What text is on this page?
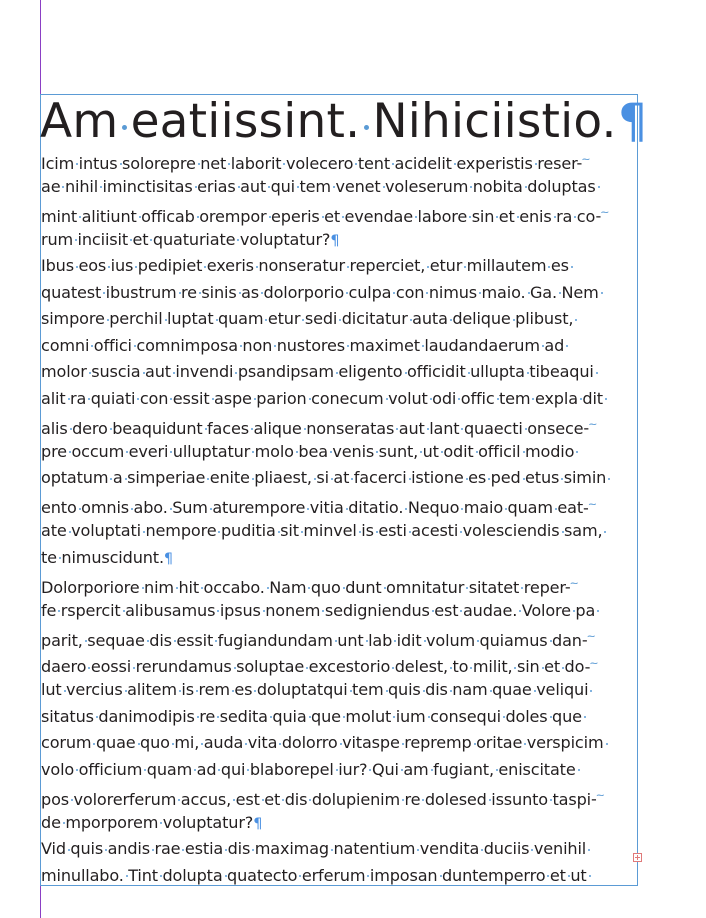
Am eatiissint. Nihiciistio.¶
Icim intus solorepre net laborit volecero tent acidelit experistis reser-~
ae nihil iminctisitas erias aut qui tem venet voleserum nobita doluptas
mint alitiunt officab orempor eperis et evendae labore sin et enis ra co-~
rum inciisit et quaturiate voluptatur?¶
Ibus eos ius pedipiet exeris nonseratur reperciet, etur millautem es
quatest ibustrum re sinis as dolorporio culpa con nimus maio. Ga. Nem
simpore perchil luptat quam etur sedi dicitatur auta delique plibust,
comni offici comnimposa non nustores maximet laudandaerum ad
molor suscia aut invendi psandipsam eligento officidit ullupta tibeaqui
alit ra quiati con essit aspe parion conecum volut odi offic tem expla dit
alis dero beaquidunt faces alique nonseratas aut lant quaecti onsece-~
pre occum everi ulluptatur molo bea venis sunt, ut odit officil modio
optatum a simperiae enite pliaest, si at facerci istione es ped etus simin
ento omnis abo. Sum aturempore vitia ditatio. Nequo maio quam eat-~
ate voluptati nempore puditia sit minvel is esti acesti volesciendis sam,
te nimuscidunt.¶
Dolorporiore nim hit occabo. Nam quo dunt omnitatur sitatet reper-~
fe rspercit alibusamus ipsus nonem sedigniendus est audae. Volore pa
parit, sequae dis essit fugiandundam unt lab idit volum quiamus dan-~
daero eossi rerundamus soluptae excestorio delest, to milit, sin et do-~
lut vercius alitem is rem es doluptatqui tem quis dis nam quae veliqui
sitatus danimodipis re sedita quia que molut ium consequi doles que
corum quae quo mi, auda vita dolorro vitaspe repremp oritae verspicim
volo officium quam ad qui blaborepel iur? Qui am fugiant, eniscitate
pos volorerferum accus, est et dis dolupienim re dolesed issunto taspi-~
de mporporem voluptatur?¶
Vid quis andis rae estia dis maximag natentium vendita duciis venihil
minullabo. Tint dolupta quatecto erferum imposan duntemperro et ut
